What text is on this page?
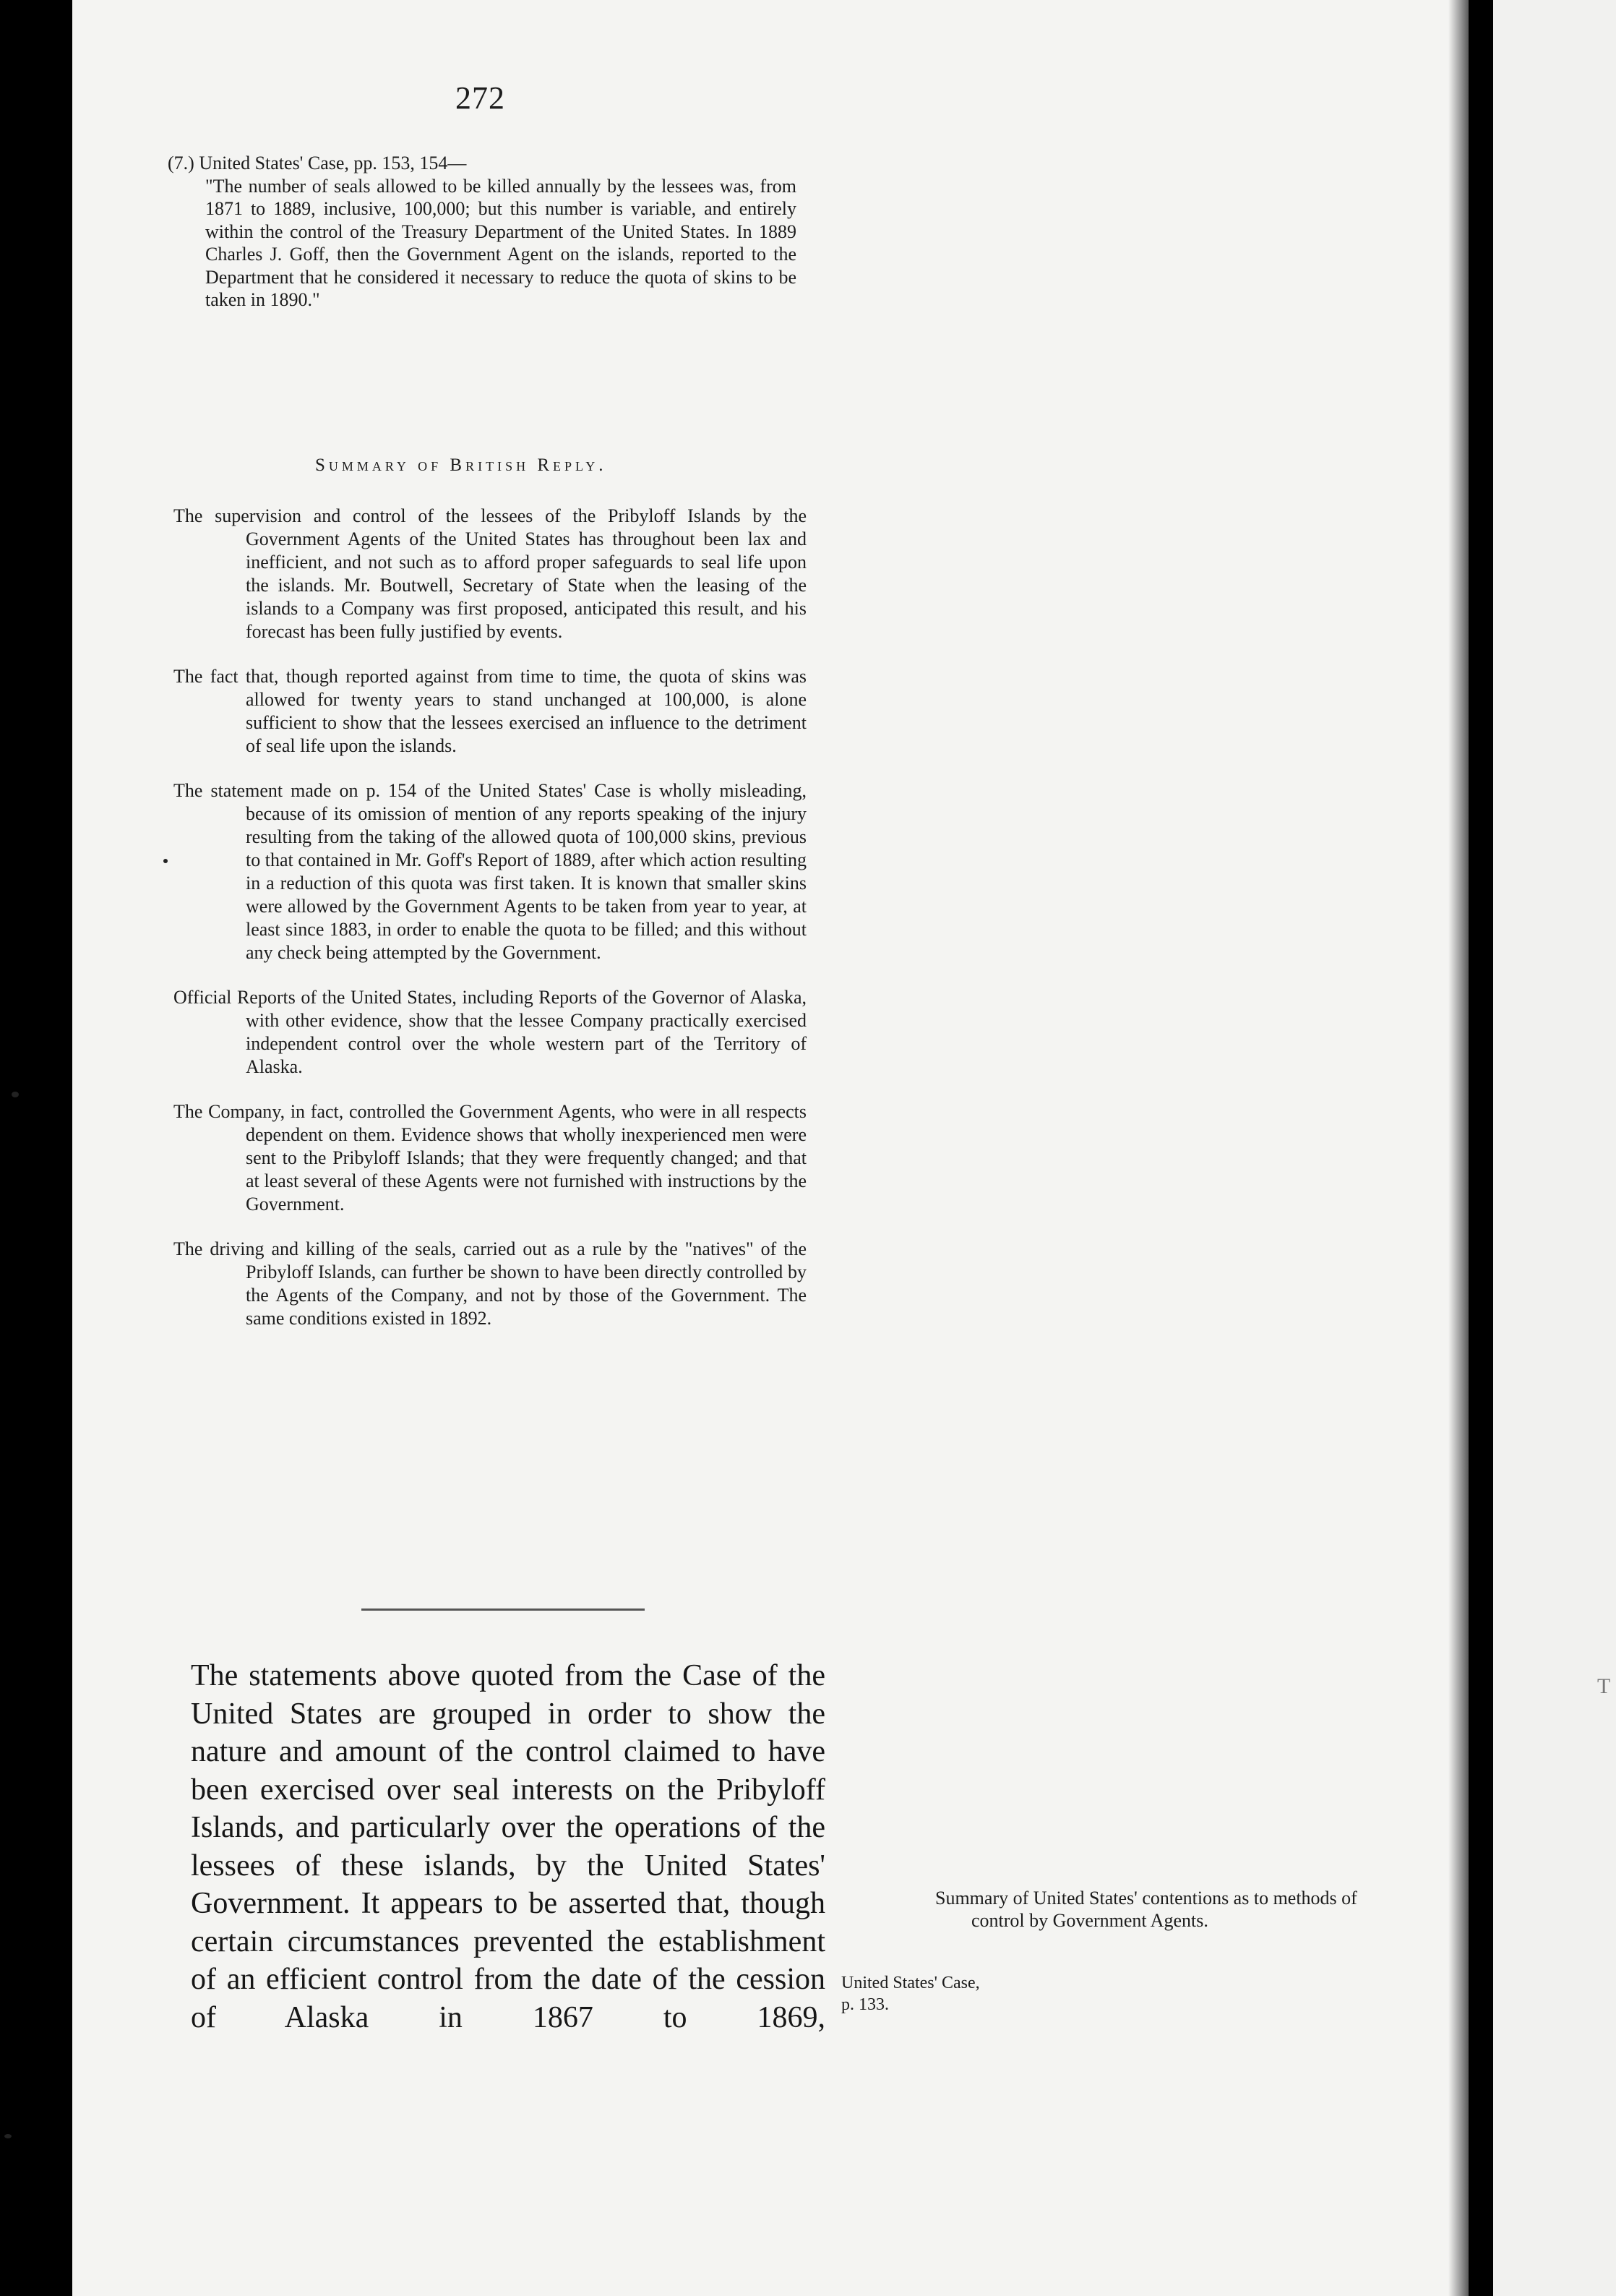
T
272
(7.) United States' Case, pp. 153, 154—
"The number of seals allowed to be killed annually by the lessees was, from 1871 to 1889, inclusive, 100,000; but this number is variable, and entirely within the control of the Treasury Department of the United States. In 1889 Charles J. Goff, then the Government Agent on the islands, reported to the Department that he considered it necessary to reduce the quota of skins to be taken in 1890."
Summary of British Reply.

The supervision and control of the lessees of the Pribyloff Islands by the Government Agents of the United States has throughout been lax and inefficient, and not such as to afford proper safeguards to seal life upon the islands. Mr. Boutwell, Secretary of State when the leasing of the islands to a Company was first proposed, anticipated this result, and his forecast has been fully justified by events.

The fact that, though reported against from time to time, the quota of skins was allowed for twenty years to stand unchanged at 100,000, is alone sufficient to show that the lessees exercised an influence to the detriment of seal life upon the islands.

The statement made on p. 154 of the United States' Case is wholly misleading, because of its omission of mention of any reports speaking of the injury resulting from the taking of the allowed quota of 100,000 skins, previous to that contained in Mr. Goff's Report of 1889, after which action resulting in a reduction of this quota was first taken. It is known that smaller skins were allowed by the Government Agents to be taken from year to year, at least since 1883, in order to enable the quota to be filled; and this without any check being attempted by the Government.

Official Reports of the United States, including Reports of the Governor of Alaska, with other evidence, show that the lessee Company practically exercised independent control over the whole western part of the Territory of Alaska.

The Company, in fact, controlled the Government Agents, who were in all respects dependent on them. Evidence shows that wholly inexperienced men were sent to the Pribyloff Islands; that they were frequently changed; and that at least several of these Agents were not furnished with instructions by the Government.

The driving and killing of the seals, carried out as a rule by the "natives" of the Pribyloff Islands, can further be shown to have been directly controlled by the Agents of the Company, and not by those of the Government. The same conditions existed in 1892.

The statements above quoted from the Case of the United States are grouped in order to show the nature and amount of the control claimed to have been exercised over seal interests on the Pribyloff Islands, and particularly over the operations of the lessees of these islands, by the United States' Government. It appears to be asserted that, though certain circumstances prevented the establishment of an efficient control from the date of the cession of Alaska in 1867 to 1869,
Summary of United States' contentions as to methods of control by Government Agents.
United States' Case, p. 133.
